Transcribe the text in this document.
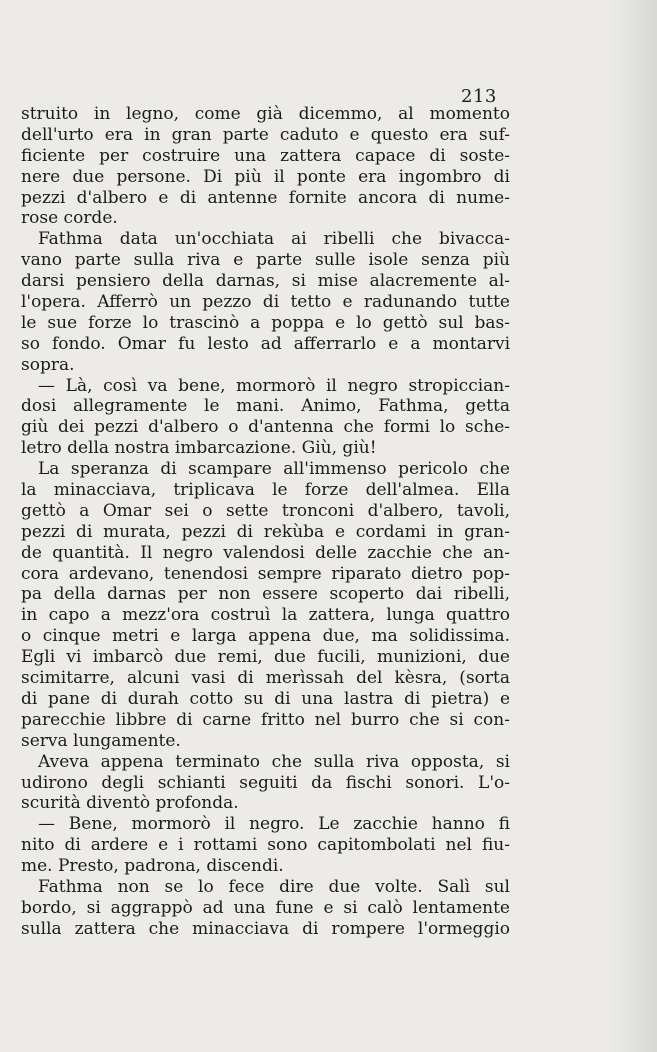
213
struito in legno, come già dicemmo, al momento
dell'urto era in gran parte caduto e questo era suf-
ficiente per costruire una zattera capace di soste-
nere due persone. Di più il ponte era ingombro di
pezzi d'albero e di antenne fornite ancora di nume-
rose corde.
Fathma data un'occhiata ai ribelli che bivacca-
vano parte sulla riva e parte sulle isole senza più
darsi pensiero della darnas, si mise alacremente al-
l'opera. Afferrò un pezzo di tetto e radunando tutte
le sue forze lo trascinò a poppa e lo gettò sul bas-
so fondo. Omar fu lesto ad afferrarlo e a montarvi
sopra.
— Là, così va bene, mormorò il negro stropiccian-
dosi allegramente le mani. Animo, Fathma, getta
giù dei pezzi d'albero o d'antenna che formi lo sche-
letro della nostra imbarcazione. Giù, giù!
La speranza di scampare all'immenso pericolo che
la minacciava, triplicava le forze dell'almea. Ella
gettò a Omar sei o sette tronconi d'albero, tavoli,
pezzi di murata, pezzi di rekùba e cordami in gran-
de quantità. Il negro valendosi delle zacchie che an-
cora ardevano, tenendosi sempre riparato dietro pop-
pa della darnas per non essere scoperto dai ribelli,
in capo a mezz'ora costruì la zattera, lunga quattro
o cinque metri e larga appena due, ma solidissima.
Egli vi imbarcò due remi, due fucili, munizioni, due
scimitarre, alcuni vasi di merìssah del kèsra, (sorta
di pane di durah cotto su di una lastra di pietra) e
parecchie libbre di carne fritto nel burro che si con-
serva lungamente.
Aveva appena terminato che sulla riva opposta, si
udirono degli schianti seguiti da fischi sonori. L'o-
scurità diventò profonda.
— Bene, mormorò il negro. Le zacchie hanno fi
nito di ardere e i rottami sono capitombolati nel fiu-
me. Presto, padrona, discendi.
Fathma non se lo fece dire due volte. Salì sul
bordo, si aggrappò ad una fune e si calò lentamente
sulla zattera che minacciava di rompere l'ormeggio
